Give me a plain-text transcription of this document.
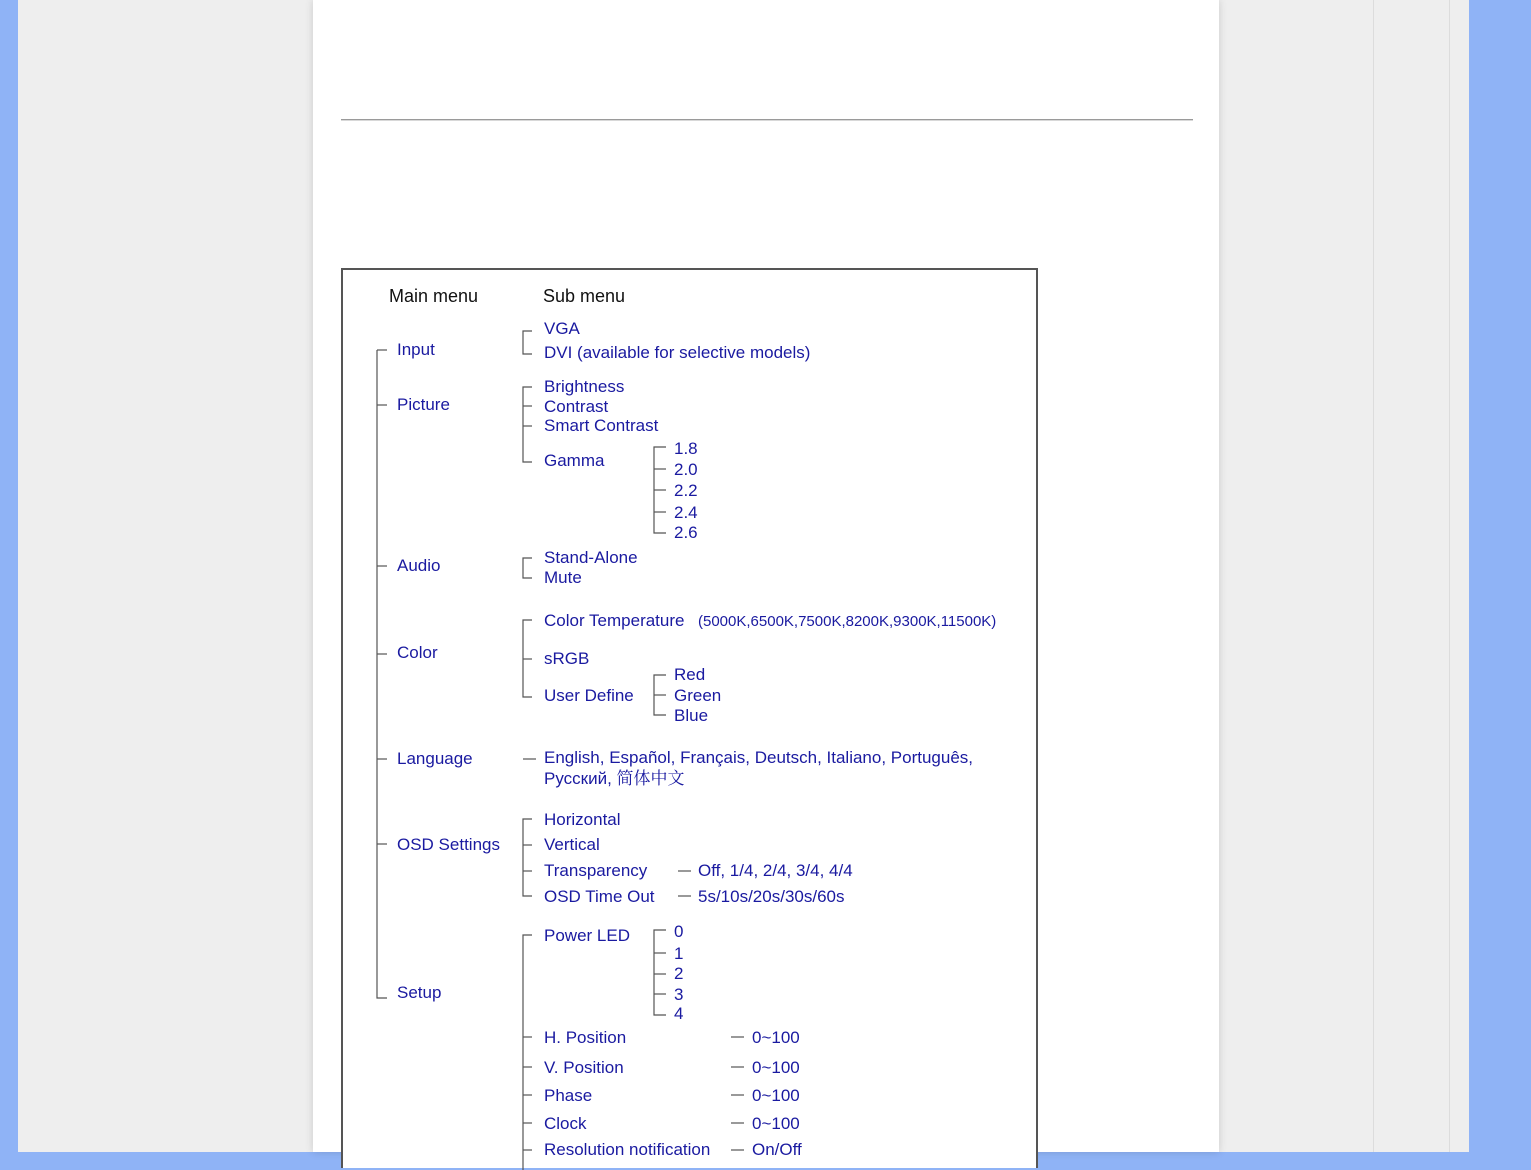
Main menu	Sub menu
Input
Picture
Audio
Color
Language
OSD Settings
Setup
VGA
DVI (available for selective models)
Brightness
Contrast
Smart Contrast
Gamma
1.8
2.0
2.2
2.4
2.6
Stand-Alone
Mute
Color Temperature (5000K,6500K,7500K,8200K,9300K,11500K)
sRGB
User Define
Red
Green
Blue
English, Español, Français, Deutsch, Italiano, Português,
Русский, 简体中文
Horizontal
Vertical
Transparency
OSD Time Out
Off, 1/4, 2/4, 3/4, 4/4
5s/10s/20s/30s/60s
Power LED	0
1
2
3
4
H. Position
V. Position
Phase
Clock
Resolution notification
0~100
0~100
0~100
0~100
On/Off
